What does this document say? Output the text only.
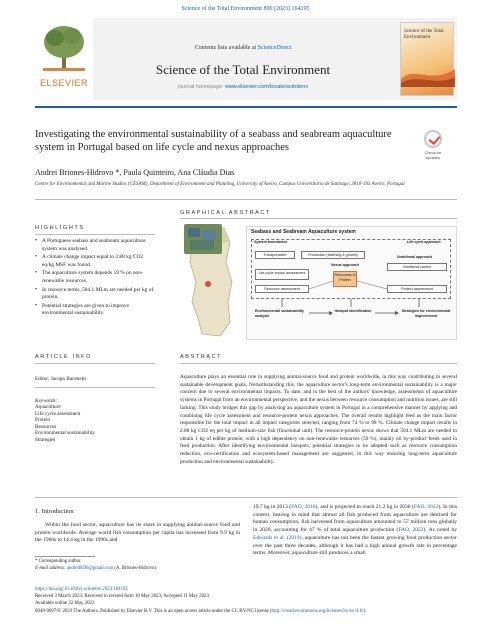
Science of the Total Environment 890 (2023) 164195
ELSEVIER
Contents lists available at ScienceDirect
Science of the Total Environment
journal homepage: www.elsevier.com/locate/scitotenv
Science of the Total Environment
Investigating the environmental sustainability of a seabass and seabream aquaculture system in Portugal based on life cycle and nexus approaches	Check for updates
Andrei Briones-Hidrovo *, Paula Quinteiro, Ana Cláudia Dias
Centre for Environmental and Marine Studies (CESAM), Department of Environment and Planning, University of Aveiro, Campus Universitário de Santiago, 3810-193 Aveiro, Portugal
HIGHLIGHTS
• A Portuguese seabass and seabream aquaculture system was analysed.
• A climate change impact equal to 2.88 kg CO2 eq/kg MSF was found.
• The aquaculture system depends 59 % on non-renewable resources.
• In resource terms, 504.1 MLm are needed per kg of protein.
• Potential strategies are given to improve environmental sustainability.
GRAPHICAL ABSTRACT
Seabass and Seabream Aquaculture system
System boundaries	Life cycle approach
Transportation	Production (fattening & growth)
Life cycle impact assessment
Resource assessment
Nexus approach
Resources to Protein
Nutritional approach
Nutritional control
Protein assessment
Environmental sustainability analysis
Hotspot identification	Strategies for environmental improvement
ARTICLE INFO
Editor: Jacopo Bacenetti
Keywords:
Aquaculture
Life cycle assessment
Protein
Resources
Environmental sustainability
Strategies
ABSTRACT
Aquaculture plays an essential role in supplying animal-source food and protein worldwide, in this way contributing to several sustainable development goals. Notwithstanding this, the aquaculture sector's long-term environmental sustainability is a major concern due to several environmental impacts. To date, and to the best of the authors' knowledge, assessments of aquaculture systems in Portugal from an environmental perspective, and the nexus between resource consumption and nutrition issues, are still lacking. This study bridges this gap by analysing an aquaculture system in Portugal in a comprehensive manner by applying and combining life cycle assessment and resource-protein nexus approaches. The overall results highlight feed as the main factor responsible for the total impact in all impact categories selected, ranging from 74 % to 98 %. Climate change impact results in 2.88 kg CO2 eq per kg of medium-size fish (functional unit). The resource-protein nexus shows that 504.1 MLm are needed to obtain 1 kg of edible protein, with a high dependency on non-renewable resources (59 %), mainly oil by-product feeds used in feed production. After identifying environmental hotspots, potential strategies to be adopted such as resource consumption reduction, eco-certification and ecosystem-based management are suggested, in this way ensuring long-term aquaculture production and environmental sustainability.
1. Introduction
Within the food sector, aquaculture has its share in supplying animal-source food and protein worldwide. Average world fish consumption per capita has increased from 9.9 kg in the 1960s to 14.4 kg in the 1990s and
19.7 kg in 2013 (FAO, 2016), and is projected to reach 21.2 kg in 2030 (FAO, 2022). In this context, bearing in mind that almost all fish produced from aquaculture are destined for human consumption, fish harvested from aquaculture amounted to 57 million tons globally in 2020, accounting for 47 % of total aquaculture production (FAO, 2022). As noted by Edwards et al. (2019), aquaculture has not been the fastest growing food production sector over the past three decades, although it has had a high annual growth rate in percentage terms. Moreover, aquaculture still produces a small
* Corresponding author.
E-mail address: andreibh96@gmail.com (A. Briones-Hidrovo).
https://doi.org/10.1016/j.scitotenv.2023.164195
Received 3 March 2023; Received in revised form 10 May 2023; Accepted 11 May 2023
Available online 22 May 2023
0048-9697/© 2023 The Authors. Published by Elsevier B.V. This is an open access article under the CC BY-NC license (http://creativecommons.org/licenses/by-nc/4.0/).
